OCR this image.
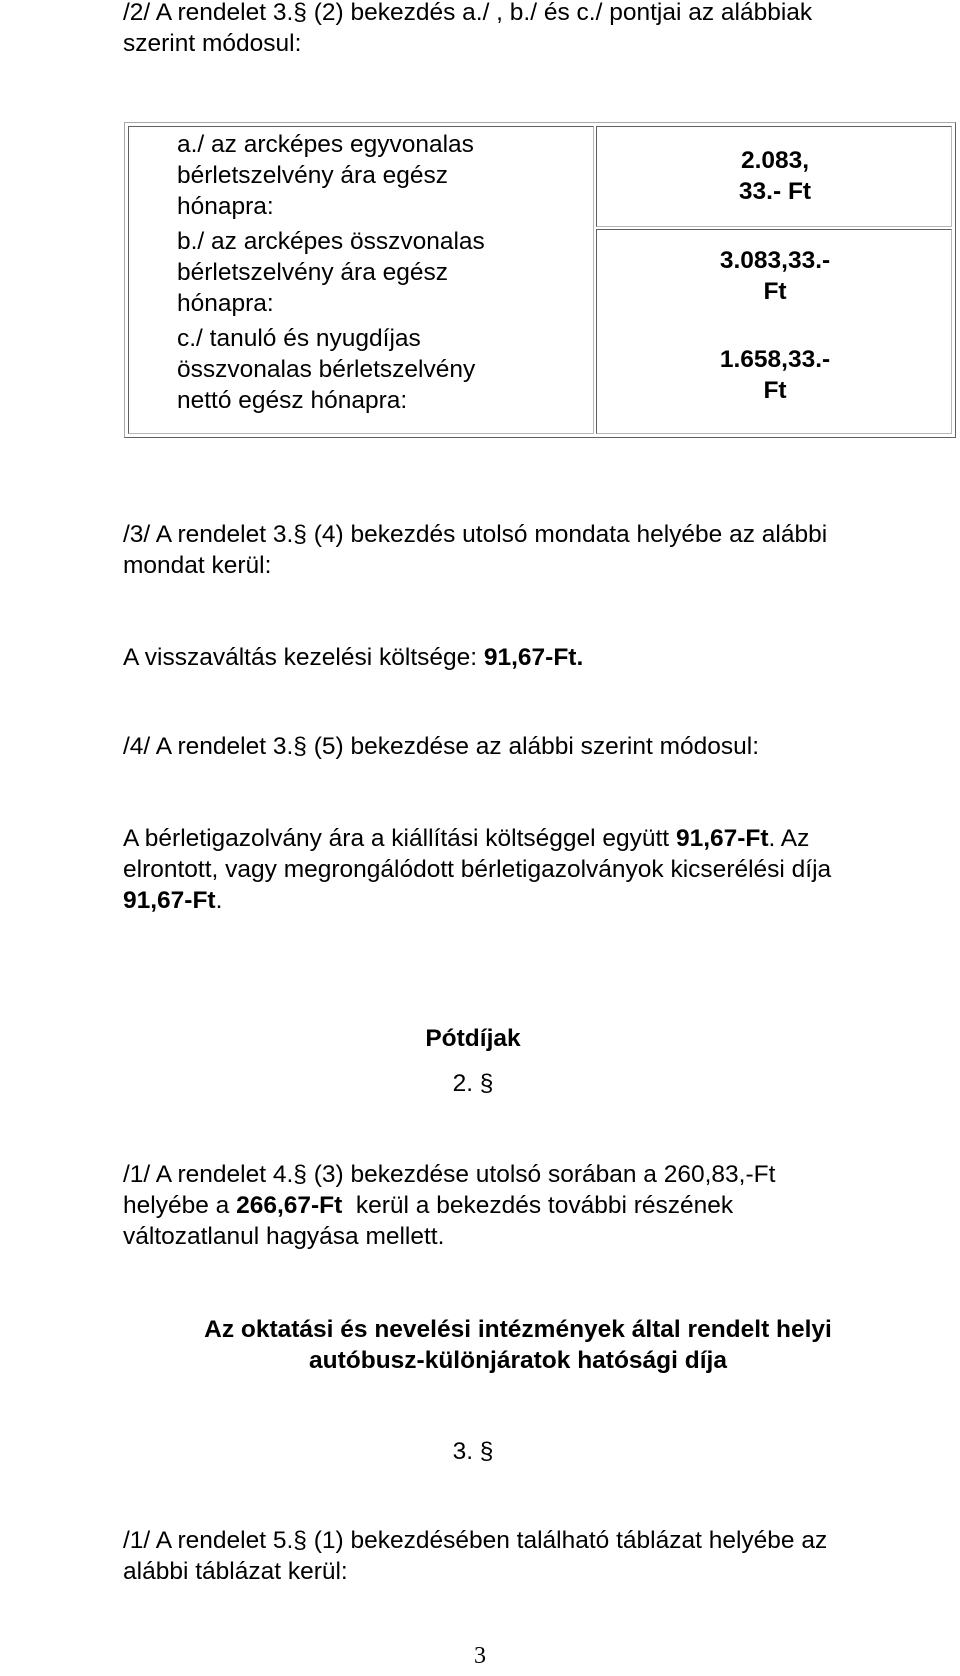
/2/ A rendelet 3.§ (2) bekezdés a./ , b./ és c./ pontjai az alábbiak
szerint módosul:

a./ az arcképes egyvonalas
bérletszelvény ára egész
hónapra:

b./ az arcképes összvonalas
bérletszelvény ára egész
hónapra:

c./ tanuló és nyugdíjas
összvonalas bérletszelvény
nettó egész hónapra:

2.083,
33.- Ft

3.083,33.-
Ft

1.658,33.-
Ft

/3/ A rendelet 3.§ (4) bekezdés utolsó mondata helyébe az alábbi
mondat kerül:

A visszaváltás kezelési költsége: 91,67-Ft.

/4/ A rendelet 3.§ (5) bekezdése az alábbi szerint módosul:

A bérletigazolvány ára a kiállítási költséggel együtt 91,67-Ft. Az
elrontott, vagy megrongálódott bérletigazolványok kicserélési díja
91,67-Ft.

Pótdíjak

2. §

/1/ A rendelet 4.§ (3) bekezdése utolsó sorában a 260,83,-Ft
helyébe a 266,67-Ft  kerül a bekezdés további részének
változatlanul hagyása mellett.

Az oktatási és nevelési intézmények által rendelt helyi
autóbusz-különjáratok hatósági díja

3. §

/1/ A rendelet 5.§ (1) bekezdésében található táblázat helyébe az
alábbi táblázat kerül:

3
